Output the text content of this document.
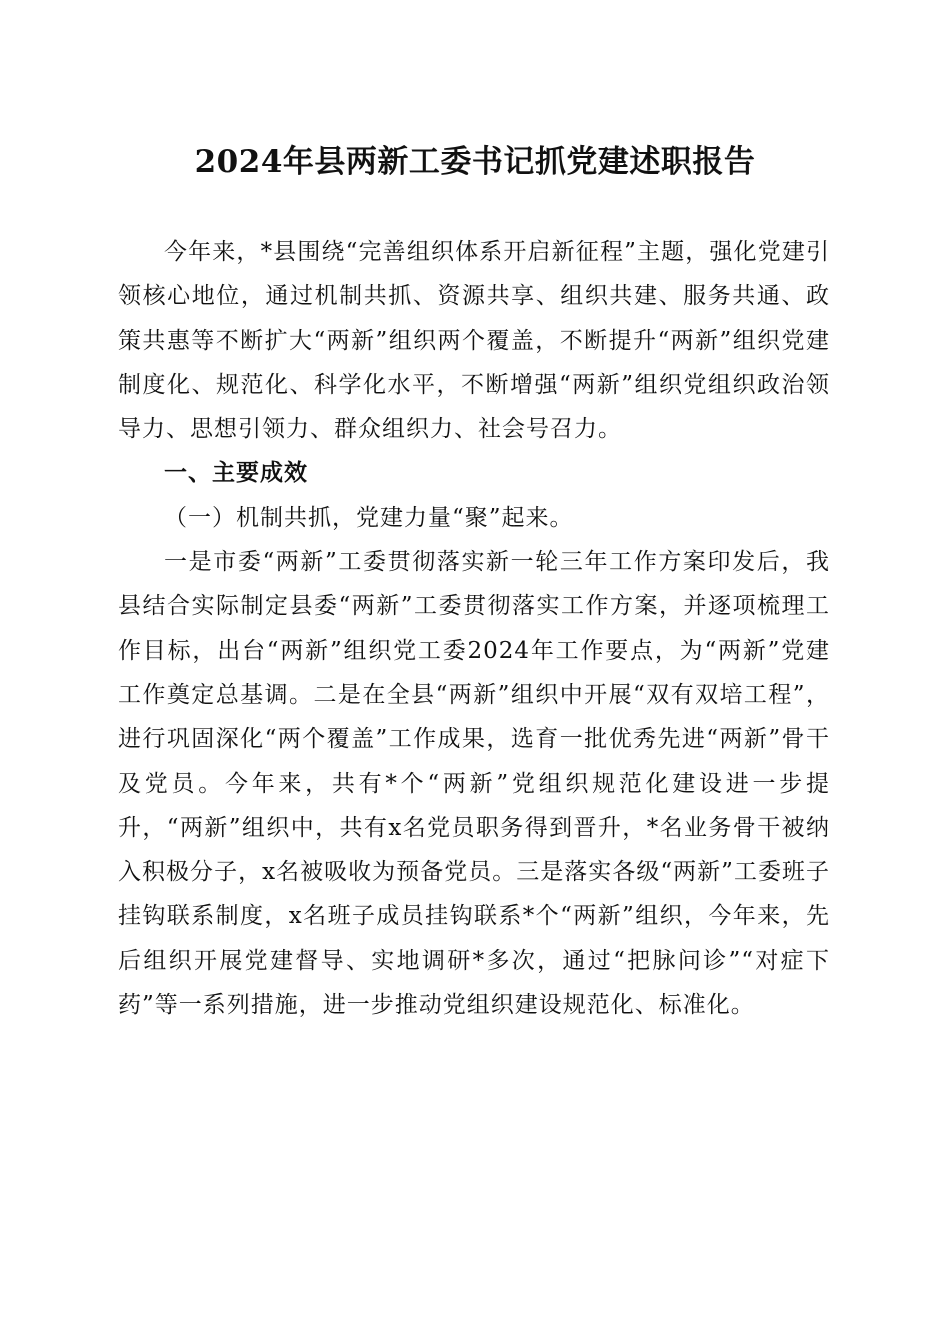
2024年县两新工委书记抓党建述职报告

今年来，*县围绕“完善组织体系开启新征程”主题，强化党建引领核心地位，通过机制共抓、资源共享、组织共建、服务共通、政策共惠等不断扩大“两新”组织两个覆盖，不断提升“两新”组织党建制度化、规范化、科学化水平，不断增强“两新”组织党组织政治领导力、思想引领力、群众组织力、社会号召力。

一、主要成效

（一）机制共抓，党建力量“聚”起来。

一是市委“两新”工委贯彻落实新一轮三年工作方案印发后，我县结合实际制定县委“两新”工委贯彻落实工作方案，并逐项梳理工作目标，出台“两新”组织党工委2024年工作要点，为“两新”党建工作奠定总基调。二是在全县“两新”组织中开展“双有双培工程”，进行巩固深化“两个覆盖”工作成果，选育一批优秀先进“两新”骨干及党员。今年来，共有*个“两新”党组织规范化建设进一步提升，“两新”组织中，共有x名党员职务得到晋升，*名业务骨干被纳入积极分子，x名被吸收为预备党员。三是落实各级“两新”工委班子挂钩联系制度，x名班子成员挂钩联系*个“两新”组织，今年来，先后组织开展党建督导、实地调研*多次，通过“把脉问诊”“对症下药”等一系列措施，进一步推动党组织建设规范化、标准化。
